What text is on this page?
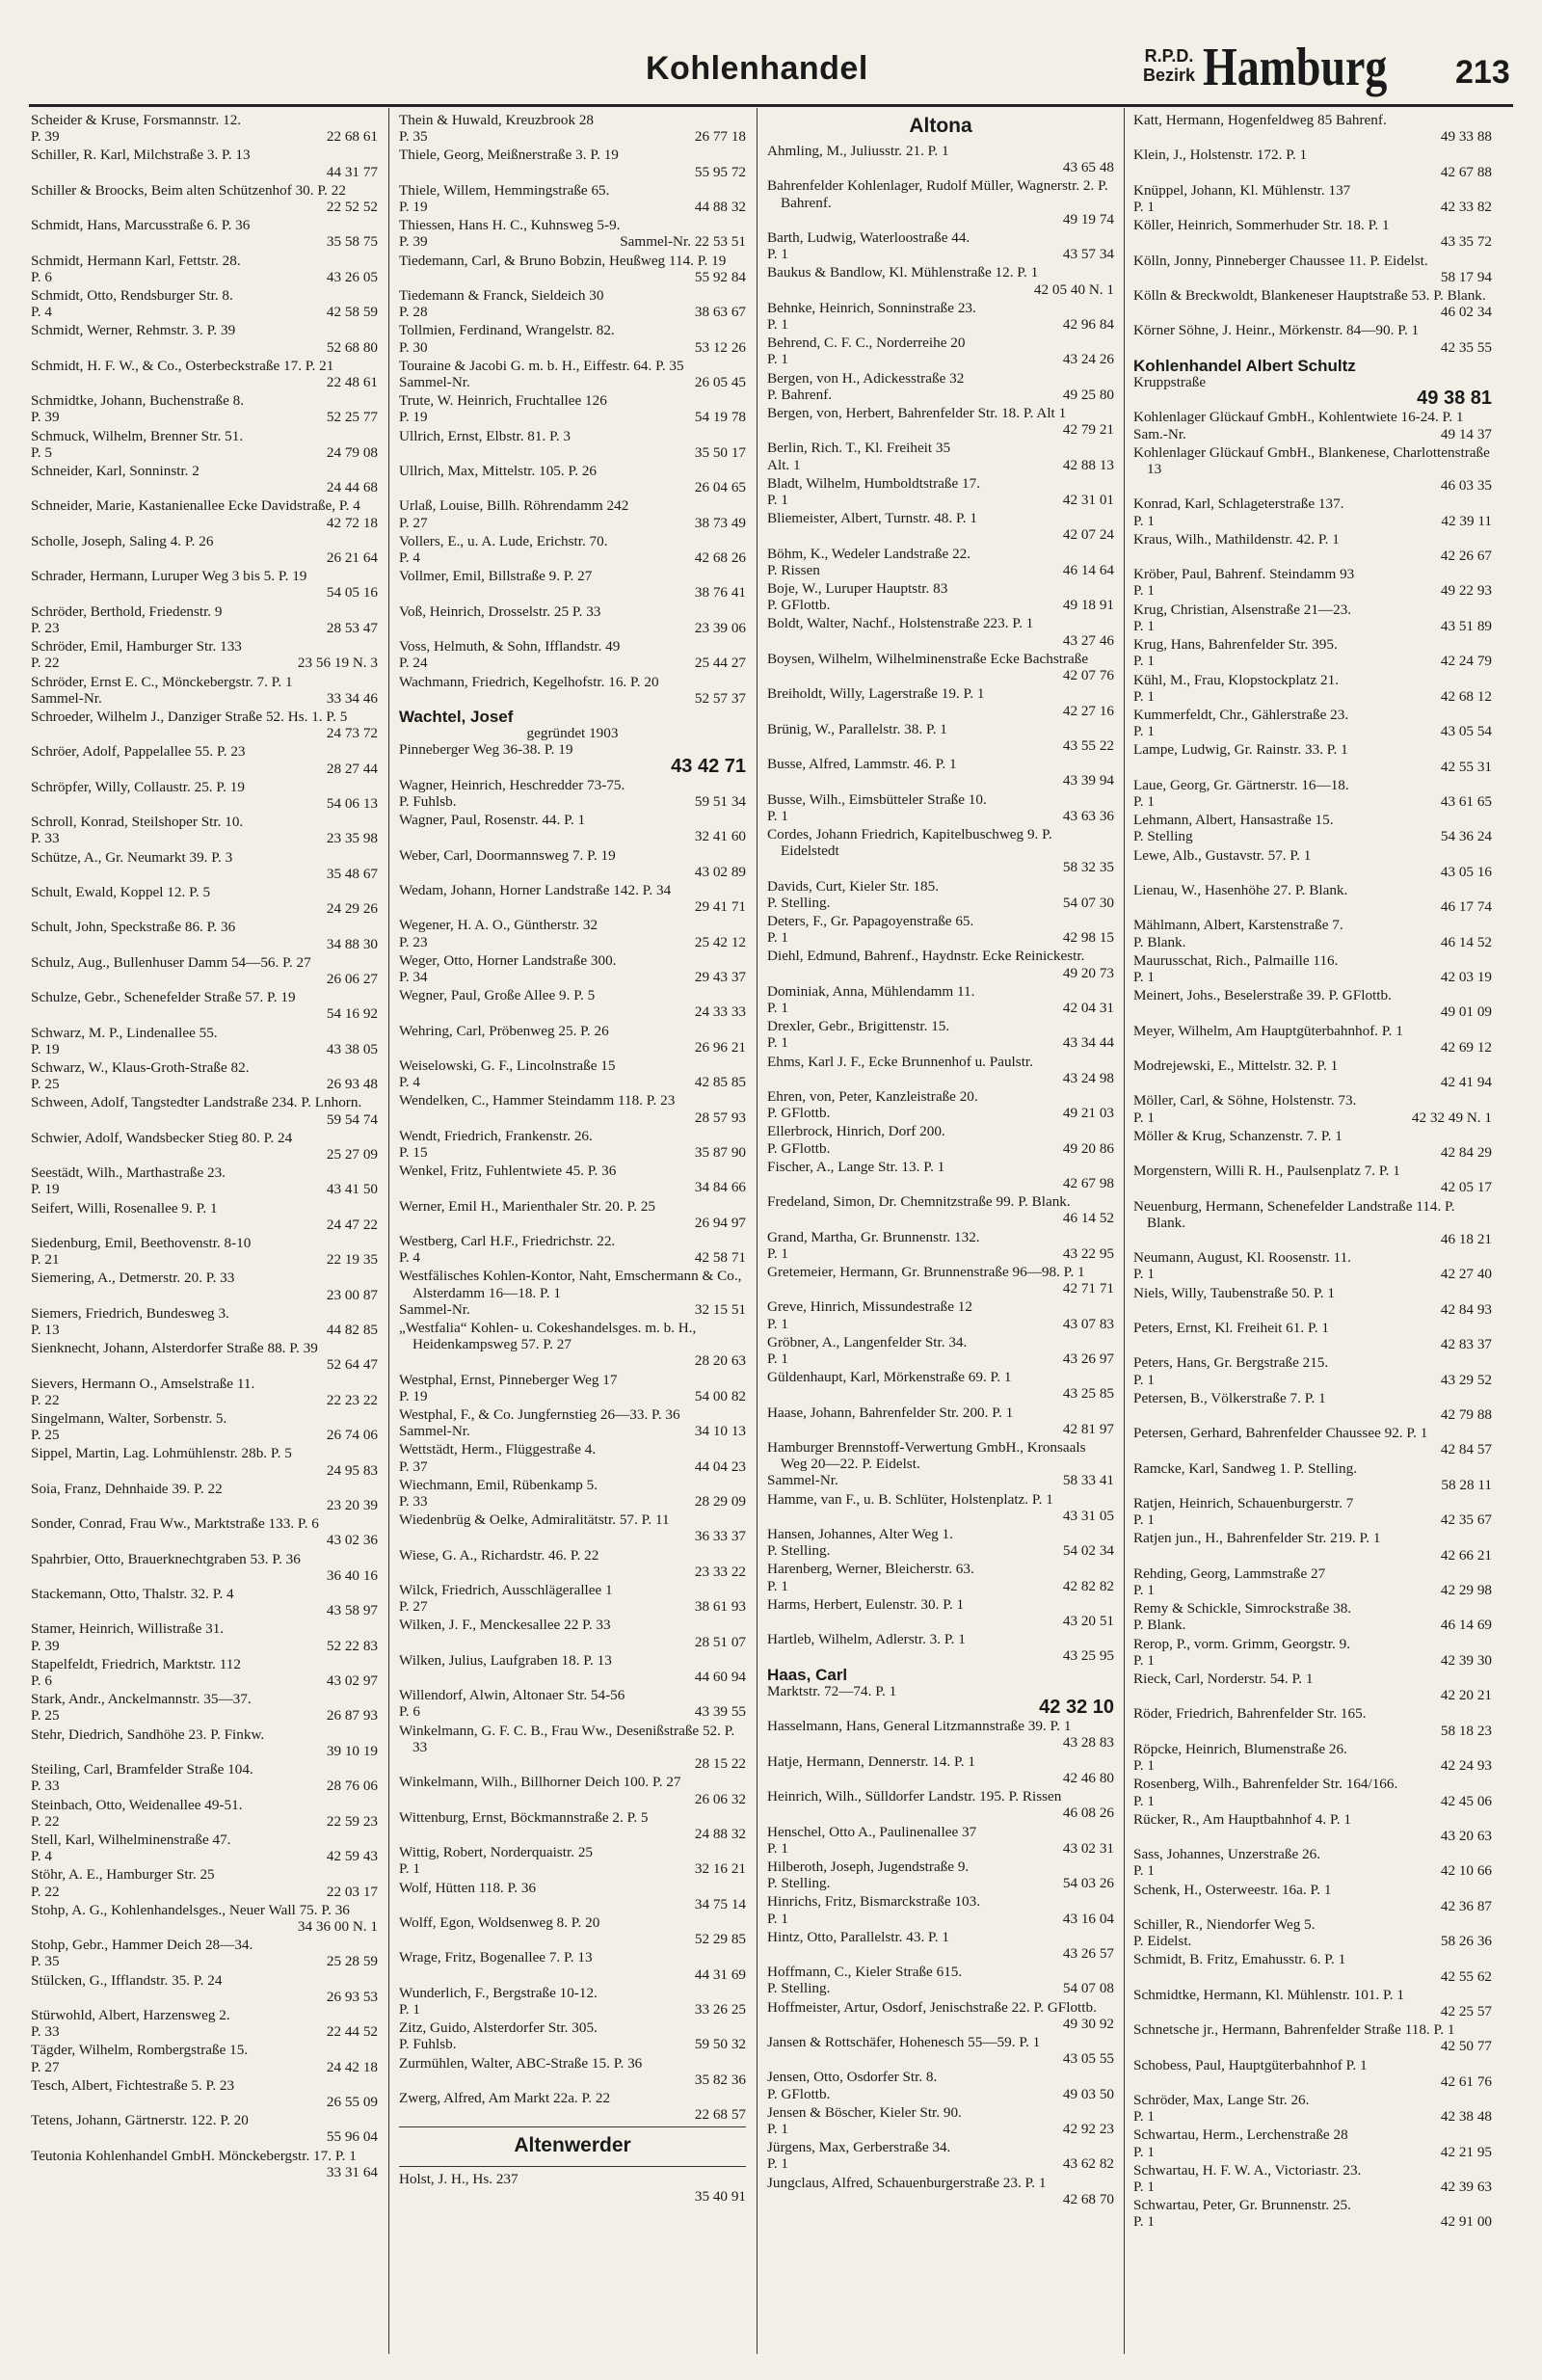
Kohlenhandel	R.P.D.
Bezirk Hamburg 213
Scheider & Kruse, Forsmannstr. 12.
P. 39	22 68 61
Schiller, R. Karl, Milchstraße 3. P. 13
44 31 77
Schiller & Broocks, Beim alten Schützenhof 30. P. 22
22 52 52
Schmidt, Hans, Marcusstraße 6. P. 36
35 58 75
Schmidt, Hermann Karl, Fettstr. 28.
P. 6	43 26 05
Schmidt, Otto, Rendsburger Str. 8.
P. 4	42 58 59
Schmidt, Werner, Rehmstr. 3. P. 39
52 68 80
Schmidt, H. F. W., & Co., Osterbeckstraße 17. P. 21
22 48 61
Schmidtke, Johann, Buchenstraße 8.
P. 39	52 25 77
Schmuck, Wilhelm, Brenner Str. 51.
P. 5	24 79 08
Schneider, Karl, Sonninstr. 2
24 44 68
Schneider, Marie, Kastanienallee Ecke Davidstraße, P. 4
42 72 18
Scholle, Joseph, Saling 4. P. 26
26 21 64
Schrader, Hermann, Luruper Weg 3 bis 5. P. 19
54 05 16
Schröder, Berthold, Friedenstr. 9
P. 23	28 53 47
Schröder, Emil, Hamburger Str. 133
P. 22	23 56 19 N. 3
Schröder, Ernst E. C., Mönckebergstr. 7. P. 1
Sammel-Nr.	33 34 46
Schroeder, Wilhelm J., Danziger Straße 52. Hs. 1. P. 5
24 73 72
Schröer, Adolf, Pappelallee 55. P. 23
28 27 44
Schröpfer, Willy, Collaustr. 25. P. 19
54 06 13
Schroll, Konrad, Steilshoper Str. 10.
P. 33	23 35 98
Schütze, A., Gr. Neumarkt 39. P. 3
35 48 67
Schult, Ewald, Koppel 12. P. 5
24 29 26
Schult, John, Speckstraße 86. P. 36
34 88 30
Schulz, Aug., Bullenhuser Damm 54—56. P. 27
26 06 27
Schulze, Gebr., Schenefelder Straße 57. P. 19
54 16 92
Schwarz, M. P., Lindenallee 55.
P. 19	43 38 05
Schwarz, W., Klaus-Groth-Straße 82.
P. 25	26 93 48
Schween, Adolf, Tangstedter Landstraße 234. P. Lnhorn.
59 54 74
Schwier, Adolf, Wandsbecker Stieg 80. P. 24
25 27 09
Seestädt, Wilh., Marthastraße 23.
P. 19	43 41 50
Seifert, Willi, Rosenallee 9. P. 1
24 47 22
Siedenburg, Emil, Beethovenstr. 8-10
P. 21	22 19 35
Siemering, A., Detmerstr. 20. P. 33
23 00 87
Siemers, Friedrich, Bundesweg 3.
P. 13	44 82 85
Sienknecht, Johann, Alsterdorfer Straße 88. P. 39
52 64 47
Sievers, Hermann O., Amselstraße 11.
P. 22	22 23 22
Singelmann, Walter, Sorbenstr. 5.
P. 25	26 74 06
Sippel, Martin, Lag. Lohmühlenstr. 28b. P. 5
24 95 83
Soia, Franz, Dehnhaide 39. P. 22
23 20 39
Sonder, Conrad, Frau Ww., Marktstraße 133. P. 6
43 02 36
Spahrbier, Otto, Brauerknechtgraben 53. P. 36
36 40 16
Stackemann, Otto, Thalstr. 32. P. 4
43 58 97
Stamer, Heinrich, Willistraße 31.
P. 39	52 22 83
Stapelfeldt, Friedrich, Marktstr. 112
P. 6	43 02 97
Stark, Andr., Anckelmannstr. 35—37.
P. 25	26 87 93
Stehr, Diedrich, Sandhöhe 23. P. Finkw.
39 10 19
Steiling, Carl, Bramfelder Straße 104.
P. 33	28 76 06
Steinbach, Otto, Weidenallee 49-51.
P. 22	22 59 23
Stell, Karl, Wilhelminenstraße 47.
P. 4	42 59 43
Stöhr, A. E., Hamburger Str. 25
P. 22	22 03 17
Stohp, A. G., Kohlenhandelsges., Neuer Wall 75. P. 36
34 36 00 N. 1
Stohp, Gebr., Hammer Deich 28—34.
P. 35	25 28 59
Stülcken, G., Ifflandstr. 35. P. 24
26 93 53
Stürwohld, Albert, Harzensweg 2.
P. 33	22 44 52
Tägder, Wilhelm, Rombergstraße 15.
P. 27	24 42 18
Tesch, Albert, Fichtestraße 5. P. 23
26 55 09
Tetens, Johann, Gärtnerstr. 122. P. 20
55 96 04
Teutonia Kohlenhandel GmbH. Mönckebergstr. 17. P. 1
33 31 64
Thein & Huwald, Kreuzbrook 28
P. 35	26 77 18
Thiele, Georg, Meißnerstraße 3. P. 19
55 95 72
Thiele, Willem, Hemmingstraße 65.
P. 19	44 88 32
Thiessen, Hans H. C., Kuhnsweg 5-9.
P. 39	Sammel-Nr. 22 53 51
Tiedemann, Carl, & Bruno Bobzin, Heußweg 114. P. 19
55 92 84
Tiedemann & Franck, Sieldeich 30
P. 28	38 63 67
Tollmien, Ferdinand, Wrangelstr. 82.
P. 30	53 12 26
Touraine & Jacobi G. m. b. H., Eiffestr. 64. P. 35
Sammel-Nr.	26 05 45
Trute, W. Heinrich, Fruchtallee 126
P. 19	54 19 78
Ullrich, Ernst, Elbstr. 81. P. 3
35 50 17
Ullrich, Max, Mittelstr. 105. P. 26
26 04 65
Urlaß, Louise, Billh. Röhrendamm 242
P. 27	38 73 49
Vollers, E., u. A. Lude, Erichstr. 70.
P. 4	42 68 26
Vollmer, Emil, Billstraße 9. P. 27
38 76 41
Voß, Heinrich, Drosselstr. 25 P. 33
23 39 06
Voss, Helmuth, & Sohn, Ifflandstr. 49
P. 24	25 44 27
Wachmann, Friedrich, Kegelhofstr. 16. P. 20
52 57 37
Wachtel, Josef
gegründet 1903
Pinneberger Weg 36-38. P. 19
43 42 71
Wagner, Heinrich, Heschredder 73-75.
P. Fuhlsb.	59 51 34
Wagner, Paul, Rosenstr. 44. P. 1
32 41 60
Weber, Carl, Doormannsweg 7. P. 19
43 02 89
Wedam, Johann, Horner Landstraße 142. P. 34
29 41 71
Wegener, H. A. O., Güntherstr. 32
P. 23	25 42 12
Weger, Otto, Horner Landstraße 300.
P. 34	29 43 37
Wegner, Paul, Große Allee 9. P. 5
24 33 33
Wehring, Carl, Pröbenweg 25. P. 26
26 96 21
Weiselowski, G. F., Lincolnstraße 15
P. 4	42 85 85
Wendelken, C., Hammer Steindamm 118. P. 23
28 57 93
Wendt, Friedrich, Frankenstr. 26.
P. 15	35 87 90
Wenkel, Fritz, Fuhlentwiete 45. P. 36
34 84 66
Werner, Emil H., Marienthaler Str. 20. P. 25
26 94 97
Westberg, Carl H.F., Friedrichstr. 22.
P. 4	42 58 71
Westfälisches Kohlen-Kontor, Naht, Emschermann & Co., Alsterdamm 16—18. P. 1
Sammel-Nr.	32 15 51
„Westfalia“ Kohlen- u. Cokeshandelsges. m. b. H., Heidenkampsweg 57. P. 27
28 20 63
Westphal, Ernst, Pinneberger Weg 17
P. 19	54 00 82
Westphal, F., & Co. Jungfernstieg 26—33. P. 36
Sammel-Nr.	34 10 13
Wettstädt, Herm., Flüggestraße 4.
P. 37	44 04 23
Wiechmann, Emil, Rübenkamp 5.
P. 33	28 29 09
Wiedenbrüg & Oelke, Admiralitätstr. 57. P. 11
36 33 37
Wiese, G. A., Richardstr. 46. P. 22
23 33 22
Wilck, Friedrich, Ausschlägerallee 1
P. 27	38 61 93
Wilken, J. F., Menckesallee 22 P. 33
28 51 07
Wilken, Julius, Laufgraben 18. P. 13
44 60 94
Willendorf, Alwin, Altonaer Str. 54-56
P. 6	43 39 55
Winkelmann, G. F. C. B., Frau Ww., Desenißstraße 52. P. 33
28 15 22
Winkelmann, Wilh., Billhorner Deich 100. P. 27
26 06 32
Wittenburg, Ernst, Böckmannstraße 2. P. 5
24 88 32
Wittig, Robert, Norderquaistr. 25
P. 1	32 16 21
Wolf, Hütten 118. P. 36
34 75 14
Wolff, Egon, Woldsenweg 8. P. 20
52 29 85
Wrage, Fritz, Bogenallee 7. P. 13
44 31 69
Wunderlich, F., Bergstraße 10-12.
P. 1	33 26 25
Zitz, Guido, Alsterdorfer Str. 305.
P. Fuhlsb.	59 50 32
Zurmühlen, Walter, ABC-Straße 15. P. 36
35 82 36
Zwerg, Alfred, Am Markt 22a. P. 22
22 68 57
Altenwerder
Holst, J. H., Hs. 237
35 40 91
Altona
Ahmling, M., Juliusstr. 21. P. 1
43 65 48
Bahrenfelder Kohlenlager, Rudolf Müller, Wagnerstr. 2. P. Bahrenf.
49 19 74
Barth, Ludwig, Waterloostraße 44.
P. 1	43 57 34
Baukus & Bandlow, Kl. Mühlenstraße 12. P. 1
42 05 40 N. 1
Behnke, Heinrich, Sonninstraße 23.
P. 1	42 96 84
Behrend, C. F. C., Norderreihe 20
P. 1	43 24 26
Bergen, von H., Adickesstraße 32
P. Bahrenf.	49 25 80
Bergen, von, Herbert, Bahrenfelder Str. 18. P. Alt 1
42 79 21
Berlin, Rich. T., Kl. Freiheit 35
Alt. 1	42 88 13
Bladt, Wilhelm, Humboldtstraße 17.
P. 1	42 31 01
Bliemeister, Albert, Turnstr. 48. P. 1
42 07 24
Böhm, K., Wedeler Landstraße 22.
P. Rissen	46 14 64
Boje, W., Luruper Hauptstr. 83
P. GFlottb.	49 18 91
Boldt, Walter, Nachf., Holstenstraße 223. P. 1
43 27 46
Boysen, Wilhelm, Wilhelminenstraße Ecke Bachstraße
42 07 76
Breiholdt, Willy, Lagerstraße 19. P. 1
42 27 16
Brünig, W., Parallelstr. 38. P. 1
43 55 22
Busse, Alfred, Lammstr. 46. P. 1
43 39 94
Busse, Wilh., Eimsbütteler Straße 10.
P. 1	43 63 36
Cordes, Johann Friedrich, Kapitelbuschweg 9. P. Eidelstedt
58 32 35
Davids, Curt, Kieler Str. 185.
P. Stelling.	54 07 30
Deters, F., Gr. Papagoyenstraße 65.
P. 1	42 98 15
Diehl, Edmund, Bahrenf., Haydnstr. Ecke Reinickestr.
49 20 73
Dominiak, Anna, Mühlendamm 11.
P. 1	42 04 31
Drexler, Gebr., Brigittenstr. 15.
P. 1	43 34 44
Ehms, Karl J. F., Ecke Brunnenhof u. Paulstr.
43 24 98
Ehren, von, Peter, Kanzleistraße 20.
P. GFlottb.	49 21 03
Ellerbrock, Hinrich, Dorf 200.
P. GFlottb.	49 20 86
Fischer, A., Lange Str. 13. P. 1
42 67 98
Fredeland, Simon, Dr. Chemnitzstraße 99. P. Blank.
46 14 52
Grand, Martha, Gr. Brunnenstr. 132.
P. 1	43 22 95
Gretemeier, Hermann, Gr. Brunnenstraße 96—98. P. 1
42 71 71
Greve, Hinrich, Missundestraße 12
P. 1	43 07 83
Gröbner, A., Langenfelder Str. 34.
P. 1	43 26 97
Güldenhaupt, Karl, Mörkenstraße 69. P. 1
43 25 85
Haase, Johann, Bahrenfelder Str. 200. P. 1
42 81 97
Hamburger Brennstoff-Verwertung GmbH., Kronsaals Weg 20—22. P. Eidelst.
Sammel-Nr.	58 33 41
Hamme, van F., u. B. Schlüter, Holstenplatz. P. 1
43 31 05
Hansen, Johannes, Alter Weg 1.
P. Stelling.	54 02 34
Harenberg, Werner, Bleicherstr. 63.
P. 1	42 82 82
Harms, Herbert, Eulenstr. 30. P. 1
43 20 51
Hartleb, Wilhelm, Adlerstr. 3. P. 1
43 25 95
Haas, Carl
Marktstr. 72—74. P. 1
42 32 10
Hasselmann, Hans, General Litzmannstraße 39. P. 1
43 28 83
Hatje, Hermann, Dennerstr. 14. P. 1
42 46 80
Heinrich, Wilh., Sülldorfer Landstr. 195. P. Rissen
46 08 26
Henschel, Otto A., Paulinenallee 37
P. 1	43 02 31
Hilberoth, Joseph, Jugendstraße 9.
P. Stelling.	54 03 26
Hinrichs, Fritz, Bismarckstraße 103.
P. 1	43 16 04
Hintz, Otto, Parallelstr. 43. P. 1
43 26 57
Hoffmann, C., Kieler Straße 615.
P. Stelling.	54 07 08
Hoffmeister, Artur, Osdorf, Jenischstraße 22. P. GFlottb.
49 30 92
Jansen & Rottschäfer, Hohenesch 55—59. P. 1
43 05 55
Jensen, Otto, Osdorfer Str. 8.
P. GFlottb.	49 03 50
Jensen & Böscher, Kieler Str. 90.
P. 1	42 92 23
Jürgens, Max, Gerberstraße 34.
P. 1	43 62 82
Jungclaus, Alfred, Schauenburgerstraße 23. P. 1
42 68 70
Katt, Hermann, Hogenfeldweg 85 Bahrenf.
49 33 88
Klein, J., Holstenstr. 172. P. 1
42 67 88
Knüppel, Johann, Kl. Mühlenstr. 137
P. 1	42 33 82
Köller, Heinrich, Sommerhuder Str. 18. P. 1
43 35 72
Kölln, Jonny, Pinneberger Chaussee 11. P. Eidelst.
58 17 94
Kölln & Breckwoldt, Blankeneser Hauptstraße 53. P. Blank.
46 02 34
Körner Söhne, J. Heinr., Mörkenstr. 84—90. P. 1
42 35 55
Kohlenhandel Albert Schultz
Kruppstraße
49 38 81
Kohlenlager Glückauf GmbH., Kohlentwiete 16-24. P. 1
Sam.-Nr.	49 14 37
Kohlenlager Glückauf GmbH., Blankenese, Charlottenstraße 13
46 03 35
Konrad, Karl, Schlageterstraße 137.
P. 1	42 39 11
Kraus, Wilh., Mathildenstr. 42. P. 1
42 26 67
Kröber, Paul, Bahrenf. Steindamm 93
P. 1	49 22 93
Krug, Christian, Alsenstraße 21—23.
P. 1	43 51 89
Krug, Hans, Bahrenfelder Str. 395.
P. 1	42 24 79
Kühl, M., Frau, Klopstockplatz 21.
P. 1	42 68 12
Kummerfeldt, Chr., Gählerstraße 23.
P. 1	43 05 54
Lampe, Ludwig, Gr. Rainstr. 33. P. 1
42 55 31
Laue, Georg, Gr. Gärtnerstr. 16—18.
P. 1	43 61 65
Lehmann, Albert, Hansastraße 15.
P. Stelling	54 36 24
Lewe, Alb., Gustavstr. 57. P. 1
43 05 16
Lienau, W., Hasenhöhe 27. P. Blank.
46 17 74
Mählmann, Albert, Karstenstraße 7.
P. Blank.	46 14 52
Maurusschat, Rich., Palmaille 116.
P. 1	42 03 19
Meinert, Johs., Beselerstraße 39. P. GFlottb.
49 01 09
Meyer, Wilhelm, Am Hauptgüterbahnhof. P. 1
42 69 12
Modrejewski, E., Mittelstr. 32. P. 1
42 41 94
Möller, Carl, & Söhne, Holstenstr. 73.
P. 1	42 32 49 N. 1
Möller & Krug, Schanzenstr. 7. P. 1
42 84 29
Morgenstern, Willi R. H., Paulsenplatz 7. P. 1
42 05 17
Neuenburg, Hermann, Schenefelder Landstraße 114. P. Blank.
46 18 21
Neumann, August, Kl. Roosenstr. 11.
P. 1	42 27 40
Niels, Willy, Taubenstraße 50. P. 1
42 84 93
Peters, Ernst, Kl. Freiheit 61. P. 1
42 83 37
Peters, Hans, Gr. Bergstraße 215.
P. 1	43 29 52
Petersen, B., Völkerstraße 7. P. 1
42 79 88
Petersen, Gerhard, Bahrenfelder Chaussee 92. P. 1
42 84 57
Ramcke, Karl, Sandweg 1. P. Stelling.
58 28 11
Ratjen, Heinrich, Schauenburgerstr. 7
P. 1	42 35 67
Ratjen jun., H., Bahrenfelder Str. 219. P. 1
42 66 21
Rehding, Georg, Lammstraße 27
P. 1	42 29 98
Remy & Schickle, Simrockstraße 38.
P. Blank.	46 14 69
Rerop, P., vorm. Grimm, Georgstr. 9.
P. 1	42 39 30
Rieck, Carl, Norderstr. 54. P. 1
42 20 21
Röder, Friedrich, Bahrenfelder Str. 165.
58 18 23
Röpcke, Heinrich, Blumenstraße 26.
P. 1	42 24 93
Rosenberg, Wilh., Bahrenfelder Str. 164/166.
P. 1	42 45 06
Rücker, R., Am Hauptbahnhof 4. P. 1
43 20 63
Sass, Johannes, Unzerstraße 26.
P. 1	42 10 66
Schenk, H., Osterweestr. 16a. P. 1
42 36 87
Schiller, R., Niendorfer Weg 5.
P. Eidelst.	58 26 36
Schmidt, B. Fritz, Emahusstr. 6. P. 1
42 55 62
Schmidtke, Hermann, Kl. Mühlenstr. 101. P. 1
42 25 57
Schnetsche jr., Hermann, Bahrenfelder Straße 118. P. 1
42 50 77
Schobess, Paul, Hauptgüterbahnhof P. 1
42 61 76
Schröder, Max, Lange Str. 26.
P. 1	42 38 48
Schwartau, Herm., Lerchenstraße 28
P. 1	42 21 95
Schwartau, H. F. W. A., Victoriastr. 23.
P. 1	42 39 63
Schwartau, Peter, Gr. Brunnenstr. 25.
P. 1	42 91 00
